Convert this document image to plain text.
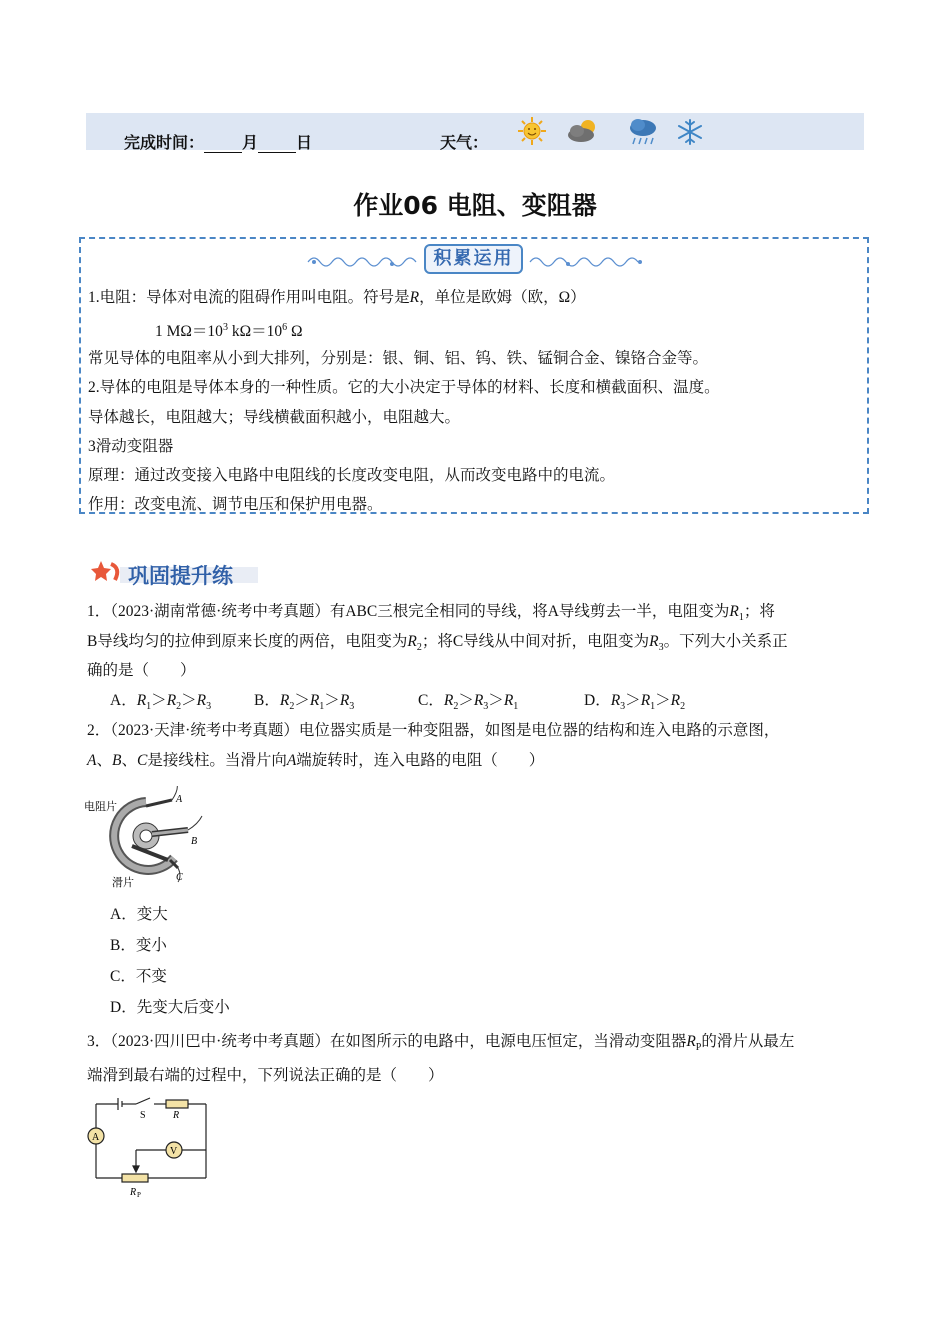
完成时间： 月 日	天气：
作业06 电阻、变阻器
积累运用
1.电阻：导体对电流的阻碍作用叫电阻。符号是R，单位是欧姆（欧，Ω）
1 $M\Omega=10^3$ $k\Omega=10^6$ Ω
常见导体的电阻率从小到大排列，分别是：银、铜、铝、钨、铁、锰铜合金、镍铬合金等。
2.导体的电阻是导体本身的一种性质。它的大小决定于导体的材料、长度和横截面积、温度。
导体越长，电阻越大；导线横截面积越小，电阻越大。
3滑动变阻器
原理：通过改变接入电路中电阻线的长度改变电阻，从而改变电路中的电流。
作用：改变电流、调节电压和保护用电器。
巩固提升练
1．（2023·湖南常德·统考中考真题）有ABC三根完全相同的导线，将A导线剪去一半，电阻变为$R_1$；将
B导线均匀的拉伸到原来长度的两倍，电阻变为$R_2$；将C导线从中间对折，电阻变为$R_3$。下列大小关系正
确的是（　　）
A．$R_1>R_2>R_3$	B．$R_2>R_1>R_3$	C．$R_2>R_3>R_1$	D．$R_3>R_1>R_2$
2．（2023·天津·统考中考真题）电位器实质是一种变阻器，如图是电位器的结构和连入电路的示意图，
A、B、C是接线柱。当滑片向A端旋转时，连入电路的电阻（　　）
A
B
C
电阻片
滑片
A．变大
B．变小
C．不变
D．先变大后变小
3．（2023·四川巴中·统考中考真题）在如图所示的电路中，电源电压恒定，当滑动变阻器$R_P$的滑片从最左
端滑到最右端的过程中，下列说法正确的是（　　）
A
V
S	R
R P
